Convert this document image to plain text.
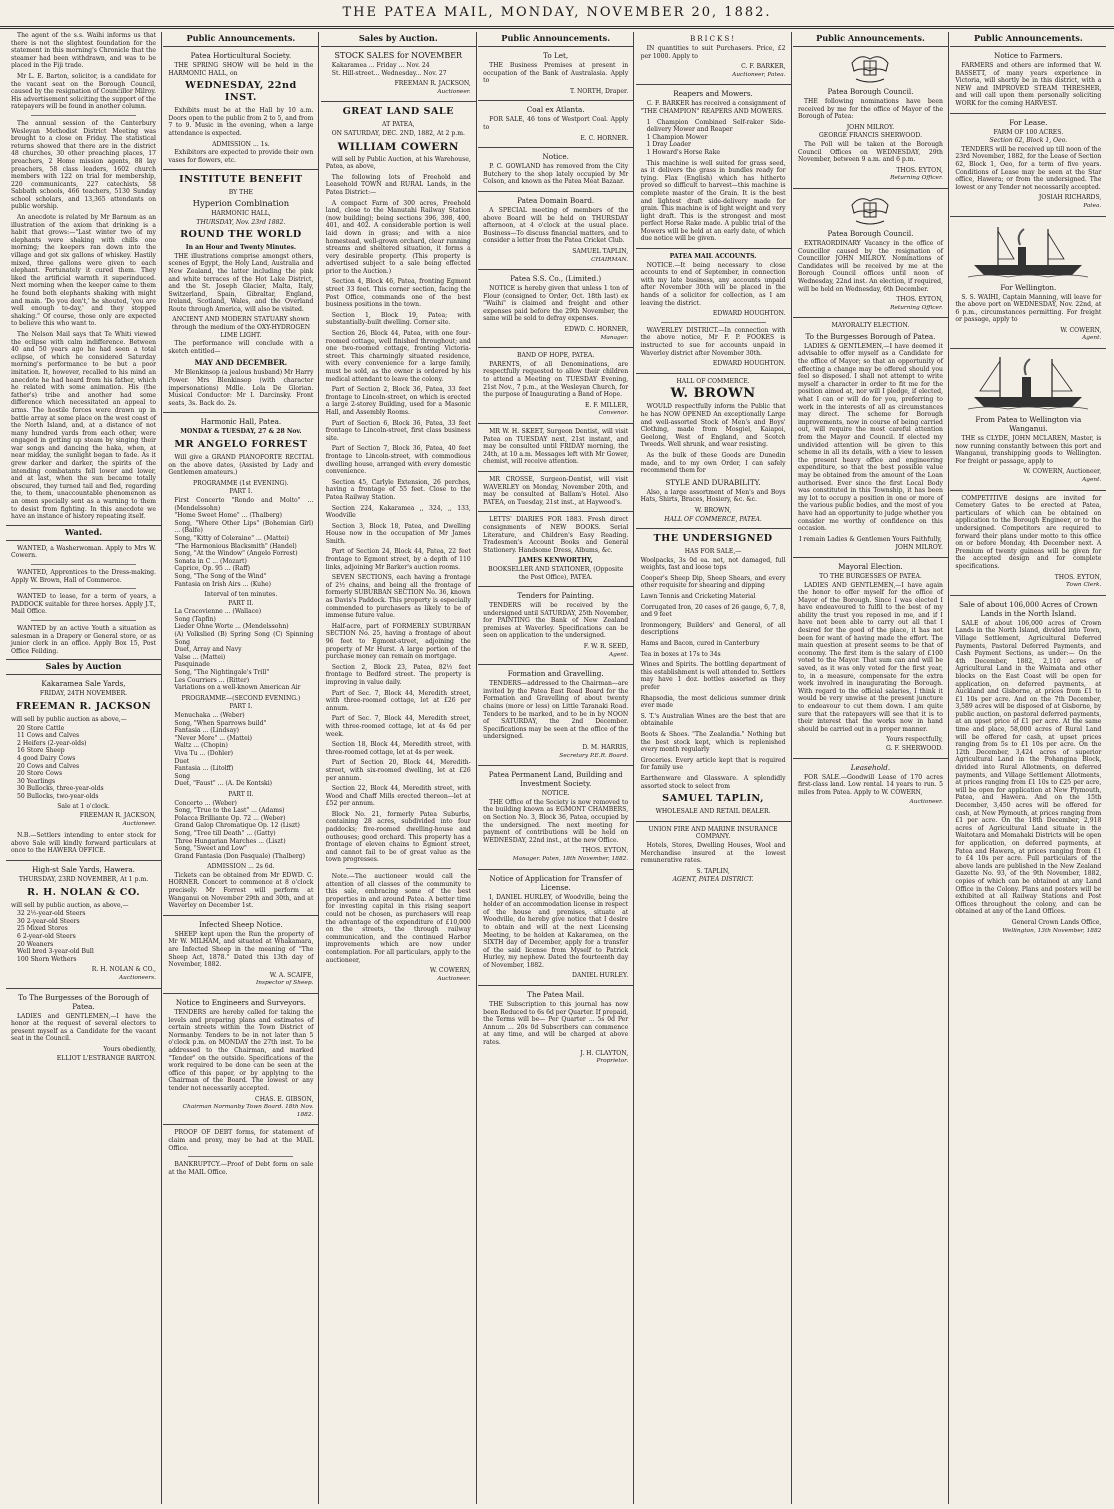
THE PATEA MAIL, MONDAY, NOVEMBER 20, 1882.

The agent of the s.s. Waihi informs us that there is not the slightest foundation for the statement in this morning's Chronicle that the steamer had been withdrawn, and was to be placed in the Fiji trade.

Mr L. E. Barton, solicitor, is a candidate for the vacant seat on the Borough Council, caused by the resignation of Councillor Milroy. His advertisement soliciting the support of the ratepayers will be found in another column.

The annual session of the Canterbury Wesleyan Methodist District Meeting was brought to a close on Friday. The statistical returns showed that there are in the district 48 churches, 30 other preaching places, 17 preachers, 2 Home mission agents, 88 lay preachers, 58 class leaders, 1602 church members with 122 on trial for membership, 220 communicants, 227 catechists, 58 Sabbath schools, 466 teachers, 5130 Sunday school scholars, and 13,365 attendants on public worship.

An anecdote is related by Mr Barnum as an illustration of the axiom that drinking is a habit that grows:—"Last winter two of my elephants were shaking with chills one morning; the keepers ran down into the village and got six gallons of whiskey. Hastily mixed, three gallons were given to each elephant. Fortunately it cured them. They liked the artificial warmth it superinduced. Next morning when the keeper came to them he found both elephants shaking with might and main. 'Do you don't,' he shouted, 'you are well enough to-day,' and they stopped shaking." Of course, those only are expected to believe this who want to.

The Nelson Mail says that Te Whiti viewed the eclipse with calm indifference. Between 40 and 50 years ago he had seen a total eclipse, of which he considered Saturday morning's performance to be but a poor imitation. It, however, recalled to his mind an anecdote he had heard from his father, which he related with some animation. His (the father's) tribe and another had some difference which necessitated an appeal to arms. The hostile forces were drawn up in battle array at some place on the west coast of the North Island, and, at a distance of not many hundred yards from each other, were engaged in getting up steam by singing their war songs and dancing the haka, when, at near midday, the sunlight began to fade. As it grew darker and darker, the spirits of the intending combatants fell lower and lower, and at last, when the sun became totally obscured, they turned tail and fled, regarding the, to them, unaccountable phenomenon as an omen specially sent as a warning to them to desist from fighting. In this anecdote we have an instance of history repeating itself.

Wanted.

WANTED, a Washerwoman. Apply to Mrs W. Cowern.

WANTED, Apprentices to the Dress-making. Apply W. Brown, Hall of Commerce.

WANTED to lease, for a term of years, a PADDOCK suitable for three horses. Apply J.T., Mail Office.

WANTED by an active Youth a situation as salesman in a Drapery or General store, or as junior clerk in an office. Apply Box 15, Post Office Feilding.

Sales by Auction
Kakaramea Sale Yards,
FRIDAY, 24TH NOVEMBER.
FREEMAN R. JACKSON
will sell by public auction as above,—
20 Store Cattle
11 Cows and Calves
2 Heifers (2-year-olds)
16 Store Sheep
4 good Dairy Cows
20 Cows and Calves
20 Store Cows
30 Yearlings
30 Bullocks, three-year-olds
50 Bullocks, two-year-olds
Sale at 1 o'clock.
FREEMAN R. JACKSON,
Auctioneer.

N.B.—Settlers intending to enter stock for above Sale will kindly forward particulars at once to the HAWERA OFFICE.

High-st Sale Yards, Hawera.
THURSDAY, 23RD NOVEMBER, At 1 p.m.
R. H. NOLAN & CO.
will sell by public auction, as above,—
32 2½-year-old Steers
30 2-year-old Steers
25 Mixed Stores
6 2-year-old Steers
20 Weaners
Well bred 3-year-old Bull
100 Shorn Wethers
R. H. NOLAN & CO.,
Auctioneers.
To The Burgesses of the Borough of Patea.

LADIES and GENTLEMEN,—I have the honor at the request of several electors to present myself as a Candidate for the vacant seat in the Council.

Yours obediently,
ELLIOT L'ESTRANGE BARTON.
Public Announcements.
Patea Horticultural Society.

THE SPRING SHOW will be held in the HARMONIC HALL, on

WEDNESDAY, 22nd INST.

Exhibits must be at the Hall by 10 a.m. Doors open to the public from 2 to 5, and from 7 to 9. Music in the evening, when a large attendance is expected.

ADMISSION ... 1s.

Exhibitors are expected to provide their own vases for flowers, etc.

INSTITUTE BENEFIT
BY THE
Hyperion Combination
HARMONIC HALL,
THURSDAY, Nov. 23rd 1882.
ROUND THE WORLD
In an Hour and Twenty Minutes.

THE illustrations comprise amongst others, scenes of Egypt, the Holy Land, Australia and New Zealand, the latter including the pink and white terraces of the Hot Lake District, and the St. Joseph Glacier, Malta, Italy, Switzerland, Spain, Gibraltar, England, Ireland, Scotland, Wales, and the Overland Route through America, will also be visited.

ANCIENT AND MODERN STATUARY shown through the medium of the OXY-HYDROGEN LIME LIGHT.

The performance will conclude with a sketch entitled—

MAY AND DECEMBER.

Mr Blenkinsop (a jealous husband) Mr Harry Power. Mrs Blenkinsop (with character impersonations) Mdlle. Lola De Glorian. Musical Conductor: Mr I. Darcinsky. Front seats, 3s. Back do. 2s.

Harmonic Hall, Patea.
MONDAY & TUESDAY, 27 & 28 Nov.
MR ANGELO FORREST

Will give a GRAND PIANOFORTE RECITAL on the above dates, (Assisted by Lady and Gentlemen amateurs.)

PROGRAMME (1st EVENING).
PART I.
First Concerto "Rondo and Molto" ... (Mendelssohn)
"Home Sweet Home" ... (Thalberg)
Song, "Where Other Lips" (Bohemian Girl) ... (Balfe)
Song, "Kitty of Coleraine" ... (Mattei)
"The Harmonious Blacksmith" (Handel)
Song, "At the Window" (Angelo Forrest)
Sonata in C ... (Mozart)
Caprice, Op. 95 ... (Raff)
Song, "The Song of the Wind"
Fantasia on Irish Airs ... (Kuhe)
Interval of ten minutes.
PART II.
La Cracovienne ... (Wallace)
Song (Tapfin)
Lieder Ohne Worte ... (Mendelssohn)
(A) Volkslied (B) Spring Song (C) Spinning Song
Duet, Array and Navy
Valse ... (Mattei)
Pasquinade
Song, "The Nightingale's Trill"
Les Courriers ... (Ritter)
Variations on a well-known American Air
PROGRAMME—(SECOND EVENING.)
PART I.
Menuchaka ... (Weber)
Song, "When Sparrows build"
Fantasia ... (Lindsay)
"Never More" ... (Mattei)
Waltz ... (Chopin)
Viva Tu ... (Dohler)
Duet
Fantasia ... (Litolff)
Song
Duet, "Faust" ... (A. De Kontski)
PART II.
Concerto ... (Weber)
Song, "True to the Last" ... (Adams)
Polacca Brilliante Op. 72 ... (Weber)
Grand Galop Chromatique Op. 12 (Liszt)
Song, "Tree till Death" ... (Gatty)
Three Hungarian Marches ... (Liszt)
Song, "Sweet and Low"
Grand Fantasia (Don Pasquale) (Thalberg)
ADMISSION ... 2s 6d.

Tickets can be obtained from Mr EDWD. C. HORNER. Concert to commence at 8 o'clock precisely. Mr Forrest will perform at Wanganui on November 29th and 30th, and at Waverley on December 1st.

Infected Sheep Notice.

SHEEP kept upon the Run the property of Mr W. MILHAM, and situated at Whakamara, are Infected Sheep in the meaning of "The Sheep Act, 1878." Dated this 13th day of November, 1882.

W. A. SCAIFE,
Inspector of Sheep.
Notice to Engineers and Surveyors.

TENDERS are hereby called for taking the levels and preparing plans and estimates of certain streets within the Town District of Normanby. Tenders to be in not later than 5 o'clock p.m. on MONDAY the 27th inst. To be addressed to the Chairman, and marked "Tender" on the outside. Specifications of the work required to be done can be seen at the office of this paper, or by applying to the Chairman of the Board. The lowest or any tender not necessarily accepted.

CHAS. E. GIBSON,
Chairman Normanby Town Board. 18th Nov. 1882.

PROOF OF DEBT forms, for statement of claim and proxy, may be had at the MAIL Office.

BANKRUPTCY.—Proof of Debt form on sale at the MAIL Office.

Sales by Auction.
STOCK SALES for NOVEMBER
Kakaramea ... Friday ... Nov. 24
St. Hill-street... Wednesday... Nov. 27
FREEMAN R. JACKSON,
Auctioneer.
GREAT LAND SALE
AT PATEA,
ON SATURDAY, DEC. 2ND, 1882, At 2 p.m.
WILLIAM COWERN

will sell by Public Auction, at his Warehouse, Patea, as above,

The following lots of Freehold and Leasehold TOWN and RURAL Lands, in the Patea District:—

A compact Farm of 300 acres, Freehold land, close to the Manutahi Railway Station (now building); being sections 396, 398, 400, 401, and 402. A considerable portion is well laid down in grass; and with a nice homestead, well-grown orchard, clear running streams and sheltered situation, it forms a very desirable property. (This property is advertised subject to a sale being effected prior to the Auction.)

Section 4, Block 46, Patea, fronting Egmont street 33 feet. This corner section, facing the Post Office, commands one of the best business positions in the town.

Section 1, Block 19, Patea; with substantially-built dwelling. Corner site.

Section 26, Block 44, Patea, with one four-roomed cottage, well finished throughout; and one two-roomed cottage, fronting Victoria-street. This charmingly situated residence, with every convenience for a large family, must be sold, as the owner is ordered by his medical attendant to leave the colony.

Part of Section 2, Block 36, Patea, 33 feet frontage to Lincoln-street, on which is erected a large 2-storey Building, used for a Masonic Hall, and Assembly Rooms.

Part of Section 6, Block 36, Patea, 33 feet frontage to Lincoln-street, first class business site.

Part of Section 7, Block 36, Patea, 40 feet frontage to Lincoln-street, with commodious dwelling house, arranged with every domestic convenience.

Section 45, Carlyle Extension, 26 perches, having a frontage of 55 feet. Close to the Patea Railway Station.

Section 224, Kakaramea ,, 324, ,, 133, Woodville

Section 3, Block 18, Patea, and Dwelling House now in the occupation of Mr James Smith.

Part of Section 24, Block 44, Patea, 22 feet frontage to Egmont street, by a depth of 110 links, adjoining Mr Barker's auction rooms.

SEVEN SECTIONS, each having a frontage of 2½ chains, and being all the frontage of formerly SUBURBAN SECTION No. 36, known as Davis's Paddock. This property is especially commended to purchasers as likely to be of immense future value.

Half-acre, part of FORMERLY SUBURBAN SECTION No. 25, having a frontage of about 96 feet to Egmont-street, adjoining the property of Mr Hurst. A large portion of the purchase money can remain on mortgage.

Section 2, Block 23, Patea, 82½ feet frontage to Bedford street. The property is improving in value daily.

Part of Sec. 7, Block 44, Meredith street, with three-roomed cottage, let at £26 per annum.

Part of Sec. 7, Block 44, Meredith street, with three-roomed cottage, let at 4s 6d per week.

Section 18, Block 44, Meredith street, with three-roomed cottage, let at 4s per week.

Part of Section 20, Block 44, Meredith-street, with six-roomed dwelling, let at £26 per annum.

Section 22, Block 44, Meredith street, with Wood and Chaff Mills erected thereon—let at £52 per annum.

Block No. 21, formerly Patea Suburbs, containing 28 acres, subdivided into four paddocks; five-roomed dwelling-house and outhouses; good orchard. This property has a frontage of eleven chains to Egmont street, and cannot fail to be of great value as the town progresses.

Note.—The auctioneer would call the attention of all classes of the community to this sale, embracing some of the best properties in and around Patea. A better time for investing capital in this rising seaport could not be chosen, as purchasers will reap the advantage of the expenditure of £10,000 on the streets, the through railway communication, and the continued Harbor improvements which are now under contemplation. For all particulars, apply to the auctioneer,

W. COWERN,
Auctioneer.
Public Announcements.
To Let,

THE Business Premises at present in occupation of the Bank of Australasia. Apply to

T. NORTH, Draper.
Coal ex Atlanta.

FOR SALE, 46 tons of Westport Coal. Apply to

E. C. HORNER.
Notice.

P. C. GOWLAND has removed from the City Butchery to the shop lately occupied by Mr Colson, and known as the Patea Meat Bazaar.

Patea Domain Board.

A SPECIAL meeting of members of the above Board will be held on THURSDAY afternoon, at 4 o'clock at the usual place. Business—To discuss financial matters, and to consider a letter from the Patea Cricket Club.

SAMUEL TAPLIN,
CHAIRMAN.
Patea S.S. Co., (Limited.)

NOTICE is hereby given that unless 1 ton of Flour (consigned to Order, Oct. 18th last) ex "Waihi" is claimed and freight and other expenses paid before the 29th November, the same will be sold to defray expenses.

EDWD. C. HORNER,
Manager.
BAND OF HOPE, PATEA.

PARENTS, of all Denominations, are respectfully requested to allow their children to attend a Meeting on TUESDAY Evening, 21st Nov., 7 p.m., at the Wesleyan Church, for the purpose of Inaugurating a Band of Hope.

E. F. MILLER,
Convenor.

MR W. H. SKEET, Surgeon Dentist, will visit Patea on TUESDAY next, 21st instant, and may be consulted until FRIDAY morning, the 24th, at 10 a.m. Messages left with Mr Gower, chemist, will receive attention.

MR CROSSE, Surgeon-Dentist, will visit WAVERLEY on Monday, November 20th, and may be consulted at Ballam's Hotel. Also PATEA, on Tuesday, 21st inst., at Haywood's.

LETTS' DIARIES FOR 1883. Fresh direct consignments of NEW BOOKS. Serial Literature, and Children's Easy Reading. Tradesmen's Account Books and General Stationery. Handsome Dress, Albums, &c.

JAMES KENWORTHY,
BOOKSELLER AND STATIONER, (Opposite the Post Office), PATEA.
Tenders for Painting.

TENDERS will be received by the undersigned until SATURDAY, 25th November, for PAINTING the Bank of New Zealand premises at Waverley. Specifications can be seen on application to the undersigned.

F. W. R. SEED,
Agent.
Formation and Gravelling.

TENDERS—addressed to the Chairman—are invited by the Patea East Road Board for the Formation and Gravelling of about twenty chains (more or less) on Little Taranaki Road. Tenders to be marked, and to be in by NOON of SATURDAY, the 2nd December. Specifications may be seen at the office of the undersigned.

D. M. HARRIS,
Secretary P.E.R. Board.
Patea Permanent Land, Building and Investment Society.
NOTICE.

THE Office of the Society is now removed to the building known as EGMONT CHAMBERS, on Section No. 3, Block 36, Patea, occupied by the undersigned. The next meeting for payment of contributions will be held on WEDNESDAY, 22nd inst., at the new Office.

THOS. EYTON,
Manager. Paten, 18th November, 1882.
Notice of Application for Transfer of License.

I, DANIEL HURLEY, of Woodville, being the holder of an accommodation license in respect of the house and premises, situate at Woodville, do hereby give notice that I desire to obtain and will at the next Licensing Meeting, to be holden at Kakaramea, on the SIXTH day of December, apply for a transfer of the said license from Myself to Patrick Hurley, my nephew. Dated the fourteenth day of November, 1882.

DANIEL HURLEY.
The Patea Mail.

THE Subscription to this journal has now been Reduced to 6s 6d per Quarter. If prepaid, the Terms will be— Per Quarter ... 5s 0d Per Annum ... 20s 0d Subscribers can commence at any time, and will be charged at above rates.

J. H. CLAYTON,
Proprietor.
BRICKS!

IN quantities to suit Purchasers. Price, £2 per 1000. Apply to

C. F. BARKER,
Auctioneer, Patea.
Reapers and Mowers.

C. F. BARKER has received a consignment of "THE CHAMPION" REAPERS AND MOWERS.

1 Champion Combined Self-raker Side-delivery Mower and Reaper
1 Champion Mower
1 Dray Loader
1 Howard's Horse Rake

This machine is well suited for grass seed, as it delivers the grass in bundles ready for tying. Flax (English) which has hitherto proved so difficult to harvest—this machine is complete master of the Grain. It is the best and lightest draft side-delivery made for grain. This machine is of light weight and very light draft. This is the strongest and most perfect Horse Rake made. A public trial of the Mowers will be held at an early date, of which due notice will be given.

PATEA MAIL ACCOUNTS.

NOTICE.—It being necessary to close accounts to end of September, in connection with my late business, any accounts unpaid after November 30th will be placed in the hands of a solicitor for collection, as I am leaving the district.

EDWARD HOUGHTON.

WAVERLEY DISTRICT.—In connection with the above notice, Mr F. P. FOOKES is instructed to sue for accounts unpaid in Waverley district after November 30th.

EDWARD HOUGHTON.
HALL OF COMMERCE.
W. BROWN

WOULD respectfully inform the Public that he has NOW OPENED An exceptionally Large and well-assorted Stock of Men's and Boys' Clothing, made from Mosgiel, Kaiapoi, Geelong, West of England, and Scotch Tweeds. Well shrunk, and wear resisting.

As the bulk of these Goods are Dunedin made, and to my own Order, I can safely recommend them for

STYLE AND DURABILITY.

Also, a large assortment of Men's and Boys Hats, Shirts, Braces, Hosiery, &c. &c.

W. BROWN,
HALL OF COMMERCE, PATEA.
THE UNDERSIGNED
HAS FOR SALE,—
Woolpacks, 3s 0d ea. net, not damaged, full weights, fast and loose tops
Cooper's Sheep Dip, Sheep Shears, and every other requisite for shearing and dipping
Lawn Tennis and Cricketing Material
Corrugated Iron, 20 cases of 26 gauge, 6, 7, 8, and 9 feet
Ironmongery, Builders' and General, of all descriptions
Hams and Bacon, cured in Canterbury
Tea in boxes at 17s to 34s
Wines and Spirits. The bottling department of this establishment is well attended to. Settlers may have 1 doz. bottles assorted as they prefer
Rhapsodia, the most delicious summer drink ever made
S. T.'s Australian Wines are the best that are obtainable
Boots & Shoes. "The Zealandia." Nothing but the best stock kept, which is replenished every month regularly
Groceries. Every article kept that is required for family use
Earthenware and Glassware. A splendidly assorted stock to select from
SAMUEL TAPLIN,
WHOLESALE AND RETAIL DEALER.
UNION FIRE AND MARINE INSURANCE COMPANY.

Hotels, Stores, Dwelling Houses, Wool and Merchandise insured at the lowest remunerative rates.

S. TAPLIN,
AGENT, PATEA DISTRICT.
Public Announcements.
Patea Borough Council.

THE following nominations have been received by me for the office of Mayor of the Borough of Patea:

JOHN MILROY.
GEORGE FRANCIS SHERWOOD.

The Poll will be taken at the Borough Council Offices on WEDNESDAY, 29th November, between 9 a.m. and 6 p.m.

THOS. EYTON,
Returning Officer.
Patea Borough Council.

EXTRAORDINARY Vacancy in the office of Councillor caused by the resignation of Councillor JOHN MILROY. Nominations of Candidates will be received by me at the Borough Council offices until noon of Wednesday, 22nd inst. An election, if required, will be held on Wednesday, 6th December.

THOS. EYTON,
Returning Officer.
MAYORALTY ELECTION.
To the Burgesses Borough of Patea.

LADIES & GENTLEMEN,—I have deemed it advisable to offer myself as a Candidate for the office of Mayor; so that an opportunity of effecting a change may be offered should you feel so disposed. I shall not attempt to write myself a character in order to fit me for the position aimed at, nor will I pledge, if elected, what I can or will do for you, preferring to work in the interests of all as circumstances may direct. The scheme for Borough improvements, now in course of being carried out, will require the most careful attention from the Mayor and Council. If elected my undivided attention will be given to this scheme in all its details, with a view to lessen the present heavy office and engineering expenditure, so that the best possible value may be obtained from the amount of the Loan authorised. Ever since the first Local Body was constituted in this Township, it has been my lot to occupy a position in one or more of the various public bodies, and the most of you have had an opportunity to judge whether you consider me worthy of confidence on this occasion.

I remain Ladies & Gentlemen Yours Faithfully,
JOHN MILROY.
Mayoral Election.
TO THE BURGESSES OF PATEA.

LADIES AND GENTLEMEN,—I have again the honor to offer myself for the office of Mayor of the Borough. Since I was elected I have endeavoured to fulfil to the best of my ability the trust you reposed in me, and if I have not been able to carry out all that I desired for the good of the place, it has not been for want of having made the effort. The main question at present seems to be that of economy. The first item is the salary of £100 voted to the Mayor. That sum can and will be saved, as it was only voted for the first year, to, in a measure, compensate for the extra work involved in inaugurating the Borough. With regard to the official salaries, I think it would be very unwise at the present juncture to endeavour to cut them down. I am quite sure that the ratepayers will see that it is to their interest that the works now in hand should be carried out in a proper manner.

Yours respectfully,
G. F. SHERWOOD.
Leasehold.

FOR SALE.—Goodwill Lease of 170 acres first-class land. Low rental. 14 years to run. 5 miles from Patea. Apply to W. COWERN,

Auctioneer.
Public Announcements.
Notice to Farmers.

FARMERS and others are informed that W. BASSETT, of many years experience in Victoria, will shortly be in this district, with a NEW and IMPROVED STEAM THRESHER, and will call upon them personally soliciting WORK for the coming HARVEST.

For Lease.
FARM OF 100 ACRES.
Section 62, Block 1, Oeo.

TENDERS will be received up till noon of the 23rd November, 1882, for the Lease of Section 62, Block 1, Oeo, for a term of five years. Conditions of Lease may be seen at the Star office, Hawera; or from the undersigned. The lowest or any Tender not necessarily accepted.

JOSIAH RICHARDS,
Patea.
For Wellington.

S. S. WAIHI, Captain Manning, will leave for the above port on WEDNESDAY, Nov. 22nd, at 6 p.m., circumstances permitting. For freight or passage, apply to

W. COWERN,
Agent.
From Patea to Wellington via Wanganui.

THE ss CLYDE, JOHN MCLAREN, Master, is now running constantly between this port and Wanganui, transhipping goods to Wellington. For freight or passage, apply to

W. COWERN, Auctioneer,
Agent.

COMPETITIVE designs are invited for Cemetery Gates to be erected at Patea, particulars of which can be obtained on application to the Borough Engineer, or to the undersigned. Competitors are required to forward their plans under motto to this office on or before Monday, 4th December next. A Premium of twenty guineas will be given for the accepted design and for complete specifications.

THOS. EYTON,
Town Clerk.
Sale of about 106,000 Acres of Crown Lands in the North Island.

SALE of about 106,000 acres of Crown Lands in the North Island, divided into Town, Village Settlement, Agricultural Deferred Payments, Pastoral Deferred Payments, and Cash Payment Sections, as under:— On the 4th December, 1882, 2,110 acres of Agricultural Land in the Waimata and other blocks on the East Coast will be open for application, on deferred payments, at Auckland and Gisborne, at prices from £1 to £1 10s per acre. And on the 7th December, 3,589 acres will be disposed of at Gisborne, by public auction, on pastoral deferred payments, at an upset price of £1 per acre. At the same time and place, 58,000 acres of Rural Land will be offered for cash, at upset prices ranging from 5s to £1 10s per acre. On the 12th December, 3,424 acres of superior Agricultural Land in the Pohangina Block, divided into Rural Allotments, on deferred payments, and Village Settlement Allotments, at prices ranging from £1 10s to £25 per acre, will be open for application at New Plymouth, Patea, and Hawera. And on the 15th December, 3,450 acres will be offered for cash, at New Plymouth, at prices ranging from £1 per acre. On the 18th December, 2,918 acres of Agricultural Land situate in the Waitotara and Momahaki Districts will be open for application, on deferred payments, at Patea and Hawera, at prices ranging from £1 to £4 10s per acre. Full particulars of the above lands are published in the New Zealand Gazette No. 93, of the 9th November, 1882, copies of which can be obtained at any Land Office in the Colony. Plans and posters will be exhibited at all Railway Stations and Post Offices throughout the colony, and can be obtained at any of the Land Offices.

General Crown Lands Office,
Wellington, 13th November, 1882
